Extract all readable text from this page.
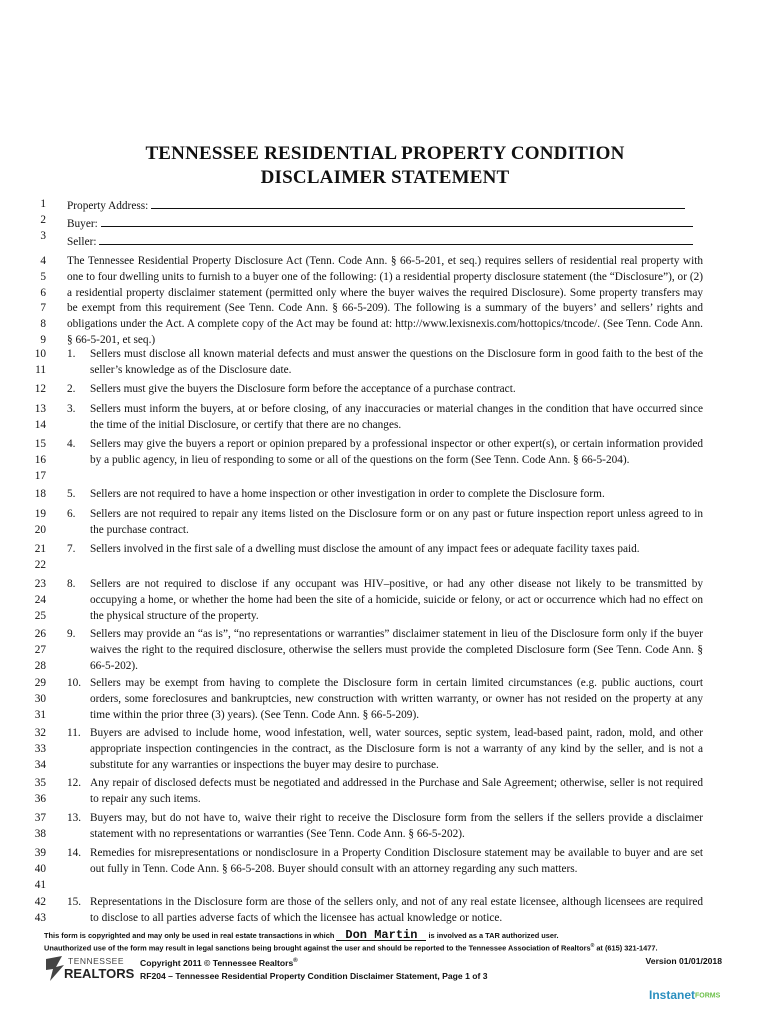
TENNESSEE RESIDENTIAL PROPERTY CONDITION
DISCLAIMER STATEMENT
1
2
3
Property Address:
Buyer:
Seller:
4
5
6
7
8
9
The Tennessee Residential Property Disclosure Act (Tenn. Code Ann. § 66-5-201, et seq.) requires sellers of residential real property with one to four dwelling units to furnish to a buyer one of the following: (1) a residential property disclosure statement (the “Disclosure”), or (2) a residential property disclaimer statement (permitted only where the buyer waives the required Disclosure). Some property transfers may be exempt from this requirement (See Tenn. Code Ann. § 66-5-209). The following is a summary of the buyers’ and sellers’ rights and obligations under the Act. A complete copy of the Act may be found at: http://www.lexisnexis.com/hottopics/tncode/. (See Tenn. Code Ann. § 66-5-201, et seq.)
10
11
1. Sellers must disclose all known material defects and must answer the questions on the Disclosure form in good faith to the best of the seller’s knowledge as of the Disclosure date.
12 2. Sellers must give the buyers the Disclosure form before the acceptance of a purchase contract.
13
14
3. Sellers must inform the buyers, at or before closing, of any inaccuracies or material changes in the condition that have occurred since the time of the initial Disclosure, or certify that there are no changes.
15
16
17
4. Sellers may give the buyers a report or opinion prepared by a professional inspector or other expert(s), or certain information provided by a public agency, in lieu of responding to some or all of the questions on the form (See Tenn. Code Ann. § 66-5-204).
18 5. Sellers are not required to have a home inspection or other investigation in order to complete the Disclosure form.
19
20
6. Sellers are not required to repair any items listed on the Disclosure form or on any past or future inspection report unless agreed to in the purchase contract.
21
22
7. Sellers involved in the first sale of a dwelling must disclose the amount of any impact fees or adequate facility taxes paid.
23
24
25
8. Sellers are not required to disclose if any occupant was HIV–positive, or had any other disease not likely to be transmitted by occupying a home, or whether the home had been the site of a homicide, suicide or felony, or act or occurrence which had no effect on the physical structure of the property.
26
27
28
9. Sellers may provide an “as is”, “no representations or warranties” disclaimer statement in lieu of the Disclosure form only if the buyer waives the right to the required disclosure, otherwise the sellers must provide the completed Disclosure form (See Tenn. Code Ann. § 66-5-202).
29
30
31
10. Sellers may be exempt from having to complete the Disclosure form in certain limited circumstances (e.g. public auctions, court orders, some foreclosures and bankruptcies, new construction with written warranty, or owner has not resided on the property at any time within the prior three (3) years). (See Tenn. Code Ann. § 66-5-209).
32
33
34
11. Buyers are advised to include home, wood infestation, well, water sources, septic system, lead-based paint, radon, mold, and other appropriate inspection contingencies in the contract, as the Disclosure form is not a warranty of any kind by the seller, and is not a substitute for any warranties or inspections the buyer may desire to purchase.
35
36
12. Any repair of disclosed defects must be negotiated and addressed in the Purchase and Sale Agreement; otherwise, seller is not required to repair any such items.
37
38
13. Buyers may, but do not have to, waive their right to receive the Disclosure form from the sellers if the sellers provide a disclaimer statement with no representations or warranties (See Tenn. Code Ann. § 66-5-202).
39
40
41
14. Remedies for misrepresentations or nondisclosure in a Property Condition Disclosure statement may be available to buyer and are set out fully in Tenn. Code Ann. § 66-5-208. Buyer should consult with an attorney regarding any such matters.
42
43
15. Representations in the Disclosure form are those of the sellers only, and not of any real estate licensee, although licensees are required to disclose to all parties adverse facts of which the licensee has actual knowledge or notice.
This form is copyrighted and may only be used in real estate transactions in which Don Martin is involved as a TAR authorized user.
Unauthorized use of the form may result in legal sanctions being brought against the user and should be reported to the Tennessee Association of Realtors® at (615) 321-1477.
TENNESSEE
REALTORS
Copyright 2011 © Tennessee Realtors®
RF204 – Tennessee Residential Property Condition Disclaimer Statement, Page 1 of 3
Version 01/01/2018
InstanetFORMS
